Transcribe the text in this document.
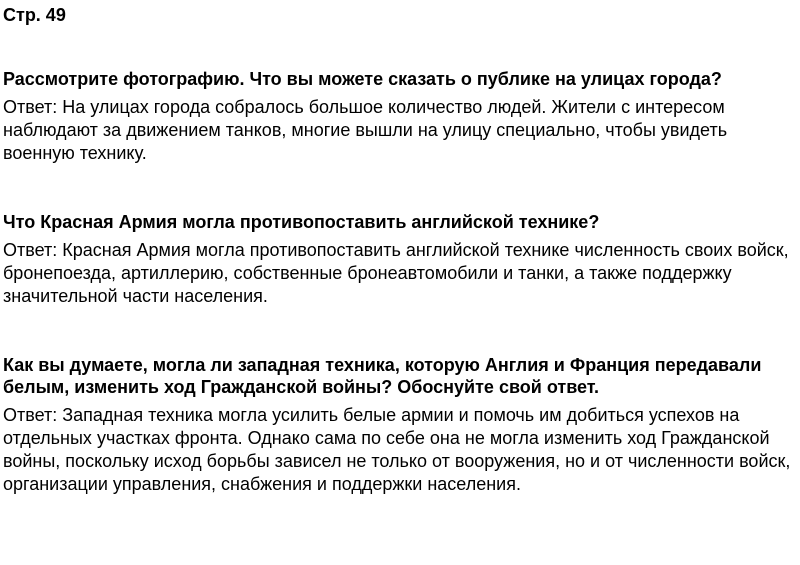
Стр. 49

Рассмотрите фотографию. Что вы можете сказать о публике на улицах города?

Ответ: На улицах города собралось большое количество людей. Жители с интересом наблюдают за движением танков, многие вышли на улицу специально, чтобы увидеть военную технику.

Что Красная Армия могла противопоставить английской технике?

Ответ: Красная Армия могла противопоставить английской технике численность своих войск, бронепоезда, артиллерию, собственные бронеавтомобили и танки, а также поддержку значительной части населения.

Как вы думаете, могла ли западная техника, которую Англия и Франция передавали белым, изменить ход Гражданской войны? Обоснуйте свой ответ.

Ответ: Западная техника могла усилить белые армии и помочь им добиться успехов на отдельных участках фронта. Однако сама по себе она не могла изменить ход Гражданской войны, поскольку исход борьбы зависел не только от вооружения, но и от численности войск, организации управления, снабжения и поддержки населения.
